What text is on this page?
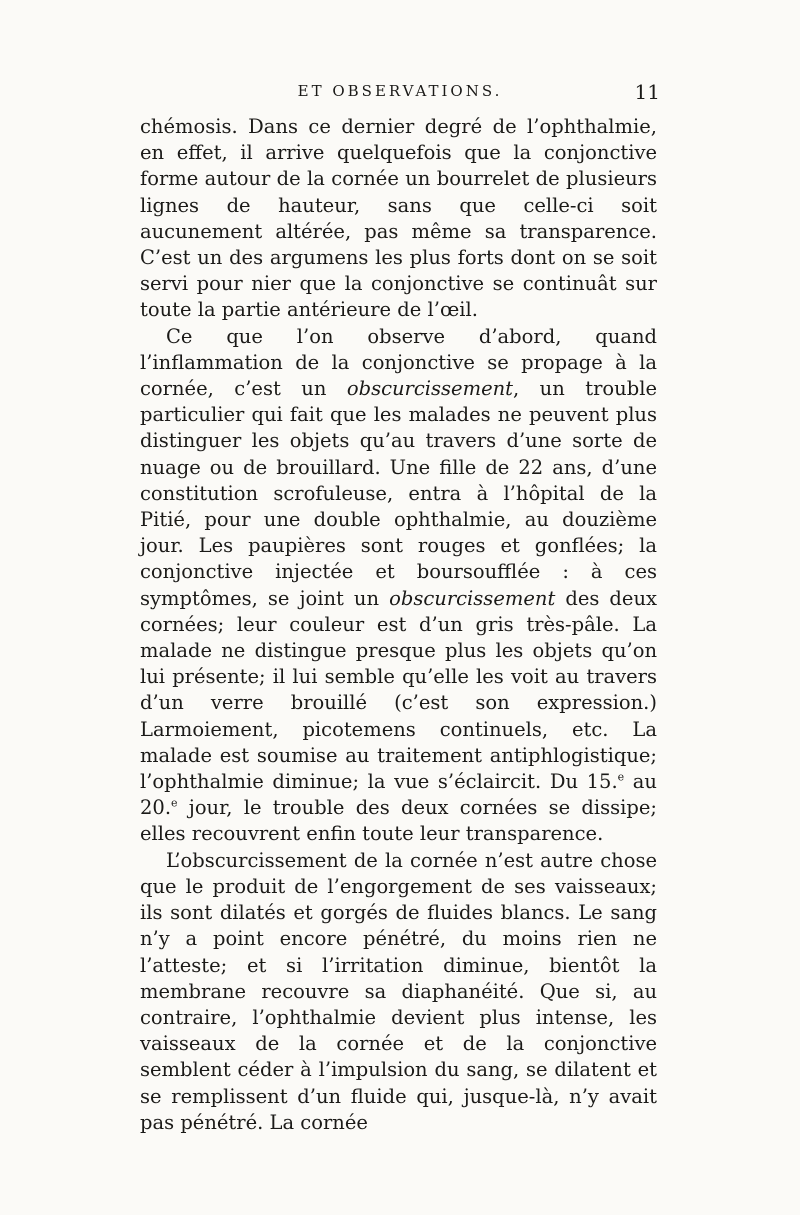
ET OBSERVATIONS.	11

chémosis. Dans ce dernier degré de l’ophthalmie, en effet, il arrive quelquefois que la conjonctive forme autour de la cornée un bourrelet de plusieurs lignes de hauteur, sans que celle-ci soit aucunement altérée, pas même sa transparence. C’est un des argumens les plus forts dont on se soit servi pour nier que la conjonctive se continuât sur toute la partie antérieure de l’œil.

Ce que l’on observe d’abord, quand l’inflammation de la conjonctive se propage à la cornée, c’est un obscurcissement, un trouble particulier qui fait que les malades ne peuvent plus distinguer les objets qu’au travers d’une sorte de nuage ou de brouillard. Une fille de 22 ans, d’une constitution scrofuleuse, entra à l’hôpital de la Pitié, pour une double ophthalmie, au douzième jour. Les paupières sont rouges et gonflées; la conjonctive injectée et boursoufflée : à ces symptômes, se joint un obscurcissement des deux cornées; leur couleur est d’un gris très-pâle. La malade ne distingue presque plus les objets qu’on lui présente; il lui semble qu’elle les voit au travers d’un verre brouillé (c’est son expression.) Larmoiement, picotemens continuels, etc. La malade est soumise au traitement antiphlogistique; l’ophthalmie diminue; la vue s’éclaircit. Du 15.$^e$ au 20.$^e$ jour, le trouble des deux cornées se dissipe; elles recouvrent enfin toute leur transparence.

L’obscurcissement de la cornée n’est autre chose que le produit de l’engorgement de ses vaisseaux; ils sont dilatés et gorgés de fluides blancs. Le sang n’y a point encore pénétré, du moins rien ne l’atteste; et si l’irritation diminue, bientôt la membrane recouvre sa diaphanéité. Que si, au contraire, l’ophthalmie devient plus intense, les vaisseaux de la cornée et de la conjonctive semblent céder à l’impulsion du sang, se dilatent et se remplissent d’un fluide qui, jusque-là, n’y avait pas pénétré. La cornée
